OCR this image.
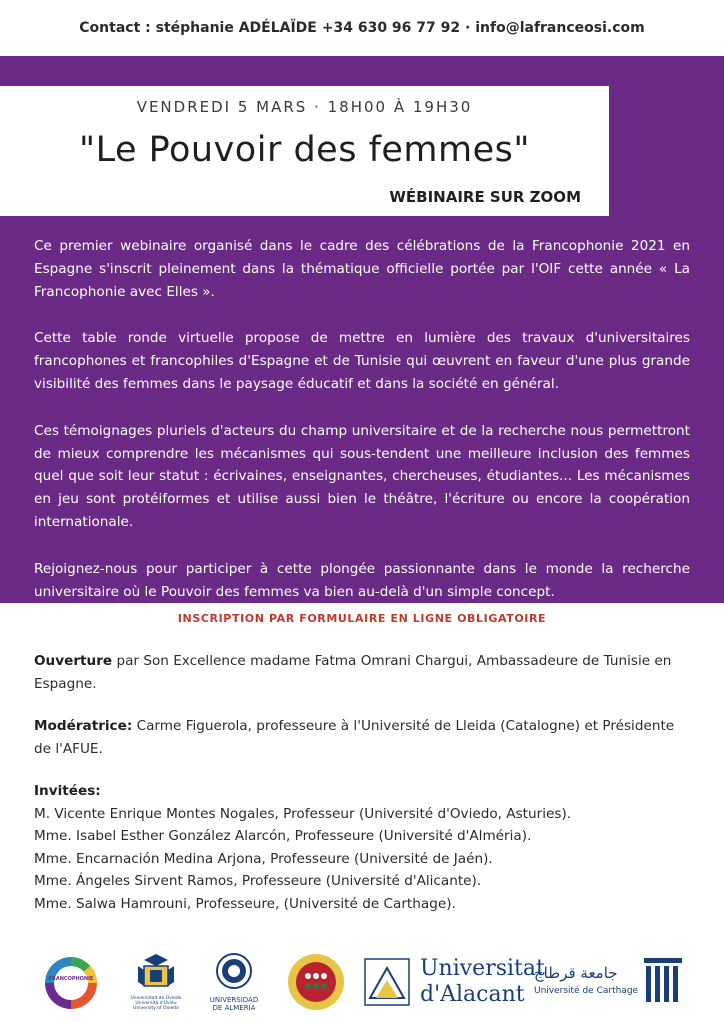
Contact :
stéphanie ADÉLAÏDE
+34 630 96 77 92
·
info@lafranceosi.com
VENDREDI 5 MARS · 18H00 À 19H30
"Le Pouvoir des femmes"
WÉBINAIRE SUR ZOOM

Ce premier webinaire organisé dans le cadre des célébrations de la Francophonie 2021 en Espagne s'inscrit pleinement dans la thématique officielle portée par l'OIF cette année « La Francophonie avec Elles ».

Cette table ronde virtuelle propose de mettre en lumière des travaux d'universitaires francophones et francophiles d'Espagne et de Tunisie qui œuvrent en faveur d'une plus grande visibilité des femmes dans le paysage éducatif et dans la société en général.

Ces témoignages pluriels d'acteurs du champ universitaire et de la recherche nous permettront de mieux comprendre les mécanismes qui sous-tendent une meilleure inclusion des femmes quel que soit leur statut : écrivaines, enseignantes, chercheuses, étudiantes... Les mécanismes en jeu sont protéiformes et utilise aussi bien le théâtre, l'écriture ou encore la coopération internationale.

Rejoignez-nous pour participer à cette plongée passionnante dans le monde la recherche universitaire où le Pouvoir des femmes va bien au-delà d'un simple concept.

INSCRIPTION PAR FORMULAIRE EN LIGNE OBLIGATOIRE
Ouverture par Son Excellence madame Fatma Omrani Chargui, Ambassadeure de Tunisie en Espagne.
Modératrice: Carme Figuerola, professeure à l'Université de Lleida (Catalogne) et Présidente de l'AFUE.
Invitées:
M. Vicente Enrique Montes Nogales, Professeur (Université d'Oviedo, Asturies).
Mme. Isabel Esther González Alarcón, Professeure (Université d'Alméria).
Mme. Encarnación Medina Arjona, Professeure (Université de Jaén).
Mme. Ángeles Sirvent Ramos, Professeure (Université d'Alicante).
Mme. Salwa Hamrouni, Professeure, (Université de Carthage).
FRANCOPHONIE
Universidad de Oviedo
Universitá d'Uviéu
University of Oviedo
UNIVERSIDAD
DE ALMERÍA
Universitat
d'Alacant
جامعة قرطاج
Université de Carthage
